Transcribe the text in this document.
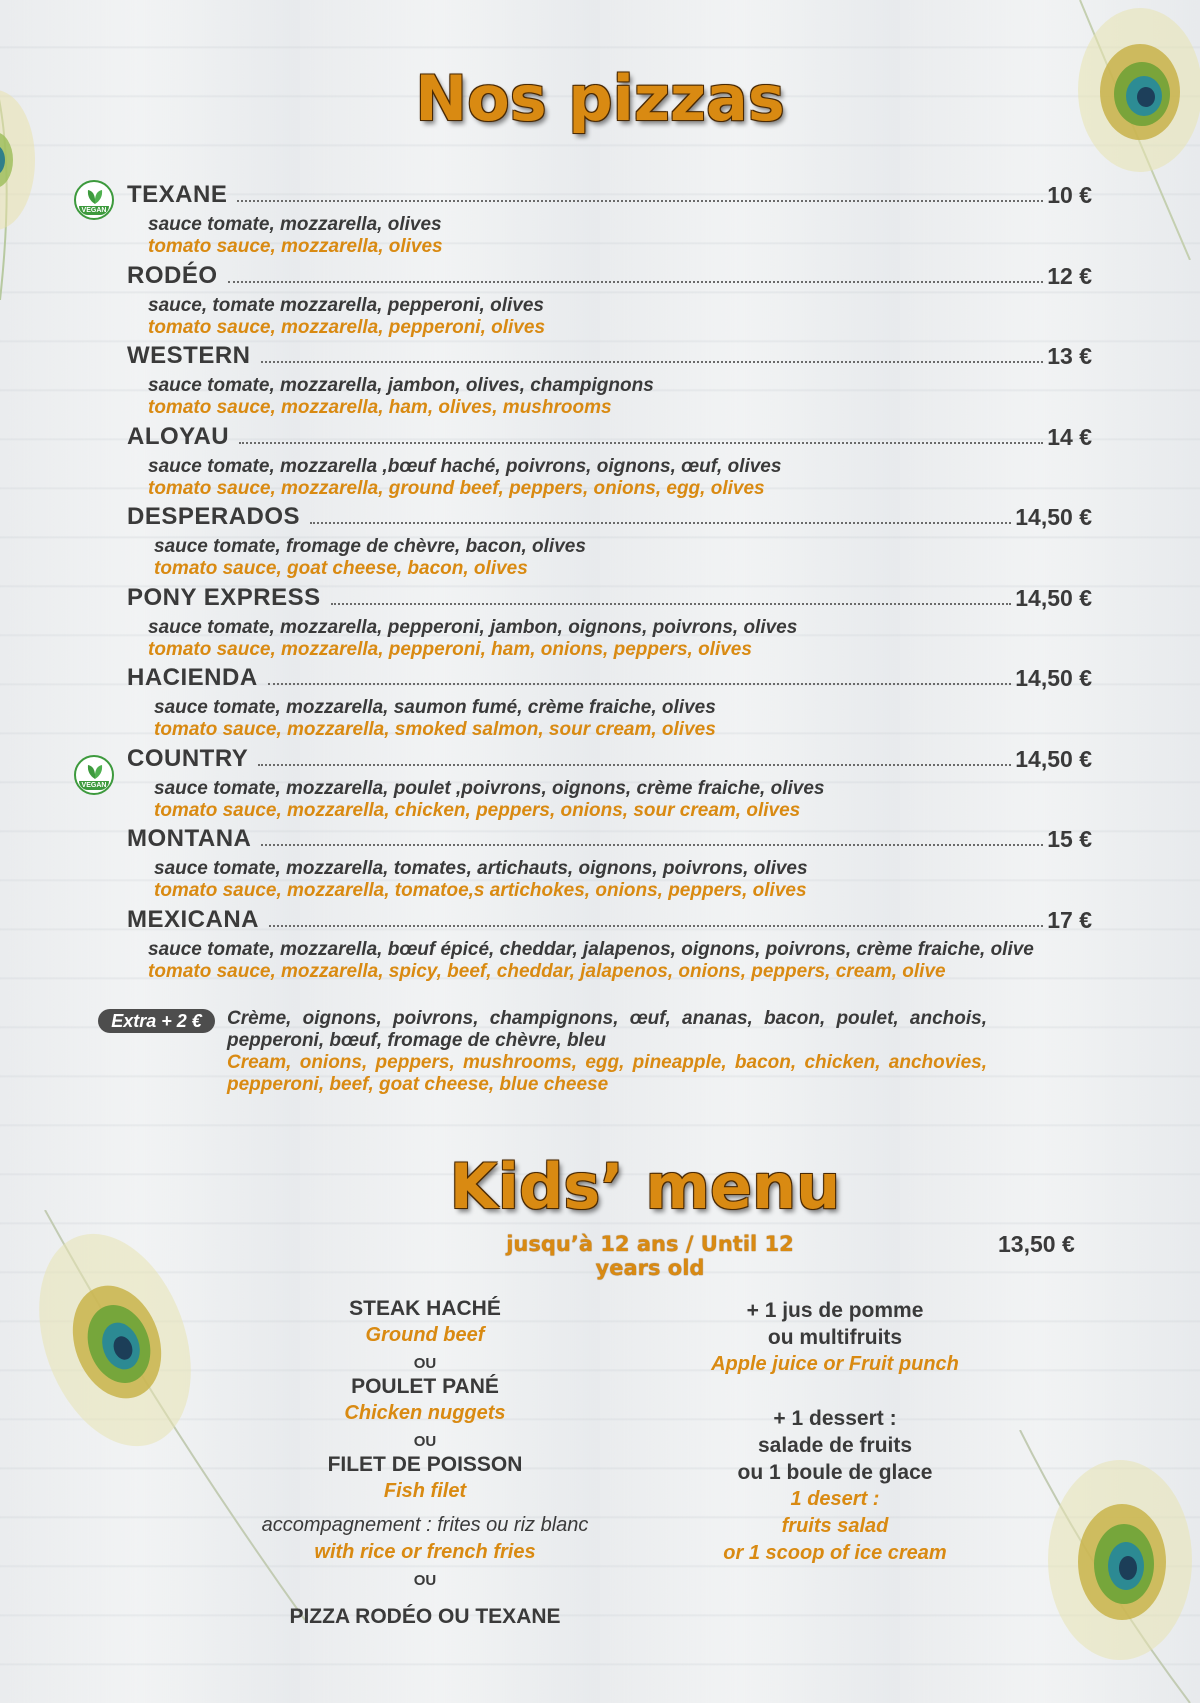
Nos pizzas
TEXANE	10 €
sauce tomate, mozzarella, olives
tomato sauce, mozzarella, olives
VEGAN
RODÉO	12 €
sauce, tomate mozzarella, pepperoni, olives
tomato sauce, mozzarella, pepperoni, olives
WESTERN	13 €
sauce tomate, mozzarella, jambon, olives, champignons
tomato sauce, mozzarella, ham, olives, mushrooms
ALOYAU	14 €
sauce tomate, mozzarella ,bœuf haché, poivrons, oignons, œuf, olives
tomato sauce, mozzarella, ground beef, peppers, onions, egg, olives
DESPERADOS	14,50 €
sauce tomate, fromage de chèvre, bacon, olives
tomato sauce, goat cheese, bacon, olives
PONY EXPRESS	14,50 €
sauce tomate, mozzarella, pepperoni, jambon, oignons, poivrons, olives
tomato sauce, mozzarella, pepperoni, ham, onions, peppers, olives
HACIENDA	14,50 €
sauce tomate, mozzarella, saumon fumé, crème fraiche, olives
tomato sauce, mozzarella, smoked salmon, sour cream, olives
COUNTRY	14,50 €
sauce tomate, mozzarella, poulet ,poivrons, oignons, crème fraiche, olives
tomato sauce, mozzarella, chicken, peppers, onions, sour cream, olives
VEGAN
MONTANA	15 €
sauce tomate, mozzarella, tomates, artichauts, oignons, poivrons, olives
tomato sauce, mozzarella, tomatoe,s artichokes, onions, peppers, olives
MEXICANA	17 €
sauce tomate, mozzarella, bœuf épicé, cheddar, jalapenos, oignons, poivrons, crème fraiche, olive
tomato sauce, mozzarella, spicy, beef, cheddar, jalapenos, onions, peppers, cream, olive
Extra + 2 €	Crème, oignons, poivrons, champignons, œuf, ananas, bacon, poulet, anchois, pepperoni, bœuf, fromage de chèvre, bleu
Cream, onions, peppers, mushrooms, egg, pineapple, bacon, chicken, anchovies, pepperoni, beef, goat cheese, blue cheese
Kids’ menu
jusqu’à 12 ans / Until 12 years old
13,50 €
STEAK HACHÉ
Ground beef
OU
POULET PANÉ
Chicken nuggets
OU
FILET DE POISSON
Fish filet
accompagnement : frites ou riz blanc
with rice or french fries
OU
PIZZA RODÉO OU TEXANE
+ 1 jus de pomme
ou multifruits
Apple juice or Fruit punch
+ 1 dessert :
salade de fruits
ou 1 boule de glace
1 desert :
fruits salad
or 1 scoop of ice cream
